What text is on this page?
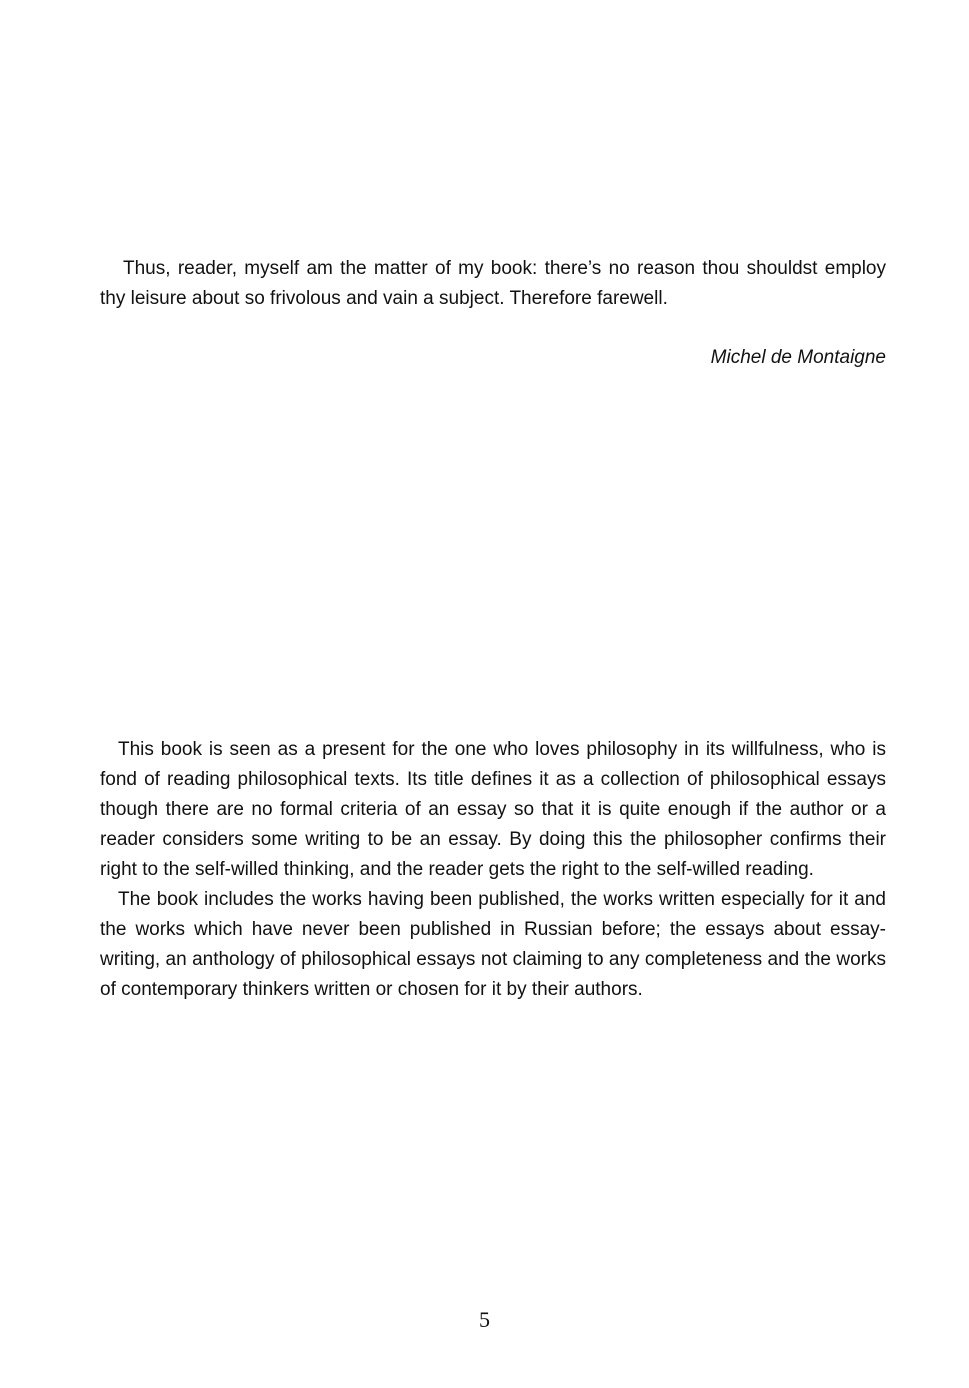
Thus, reader, myself am the matter of my book: there’s no reason thou shouldst employ thy leisure about so frivolous and vain a subject. Therefore farewell.

Michel de Montaigne

This book is seen as a present for the one who loves philosophy in its willfulness, who is fond of reading philosophical texts. Its title defines it as a collection of philosophical essays though there are no formal criteria of an essay so that it is quite enough if the author or a reader considers some writing to be an essay. By doing this the philosopher confirms their right to the self-willed thinking, and the reader gets the right to the self-willed reading.

The book includes the works having been published, the works written especially for it and the works which have never been published in Russian before; the essays about essay-writing, an anthology of philosophical essays not claiming to any completeness and the works of contemporary thinkers written or chosen for it by their authors.

5
